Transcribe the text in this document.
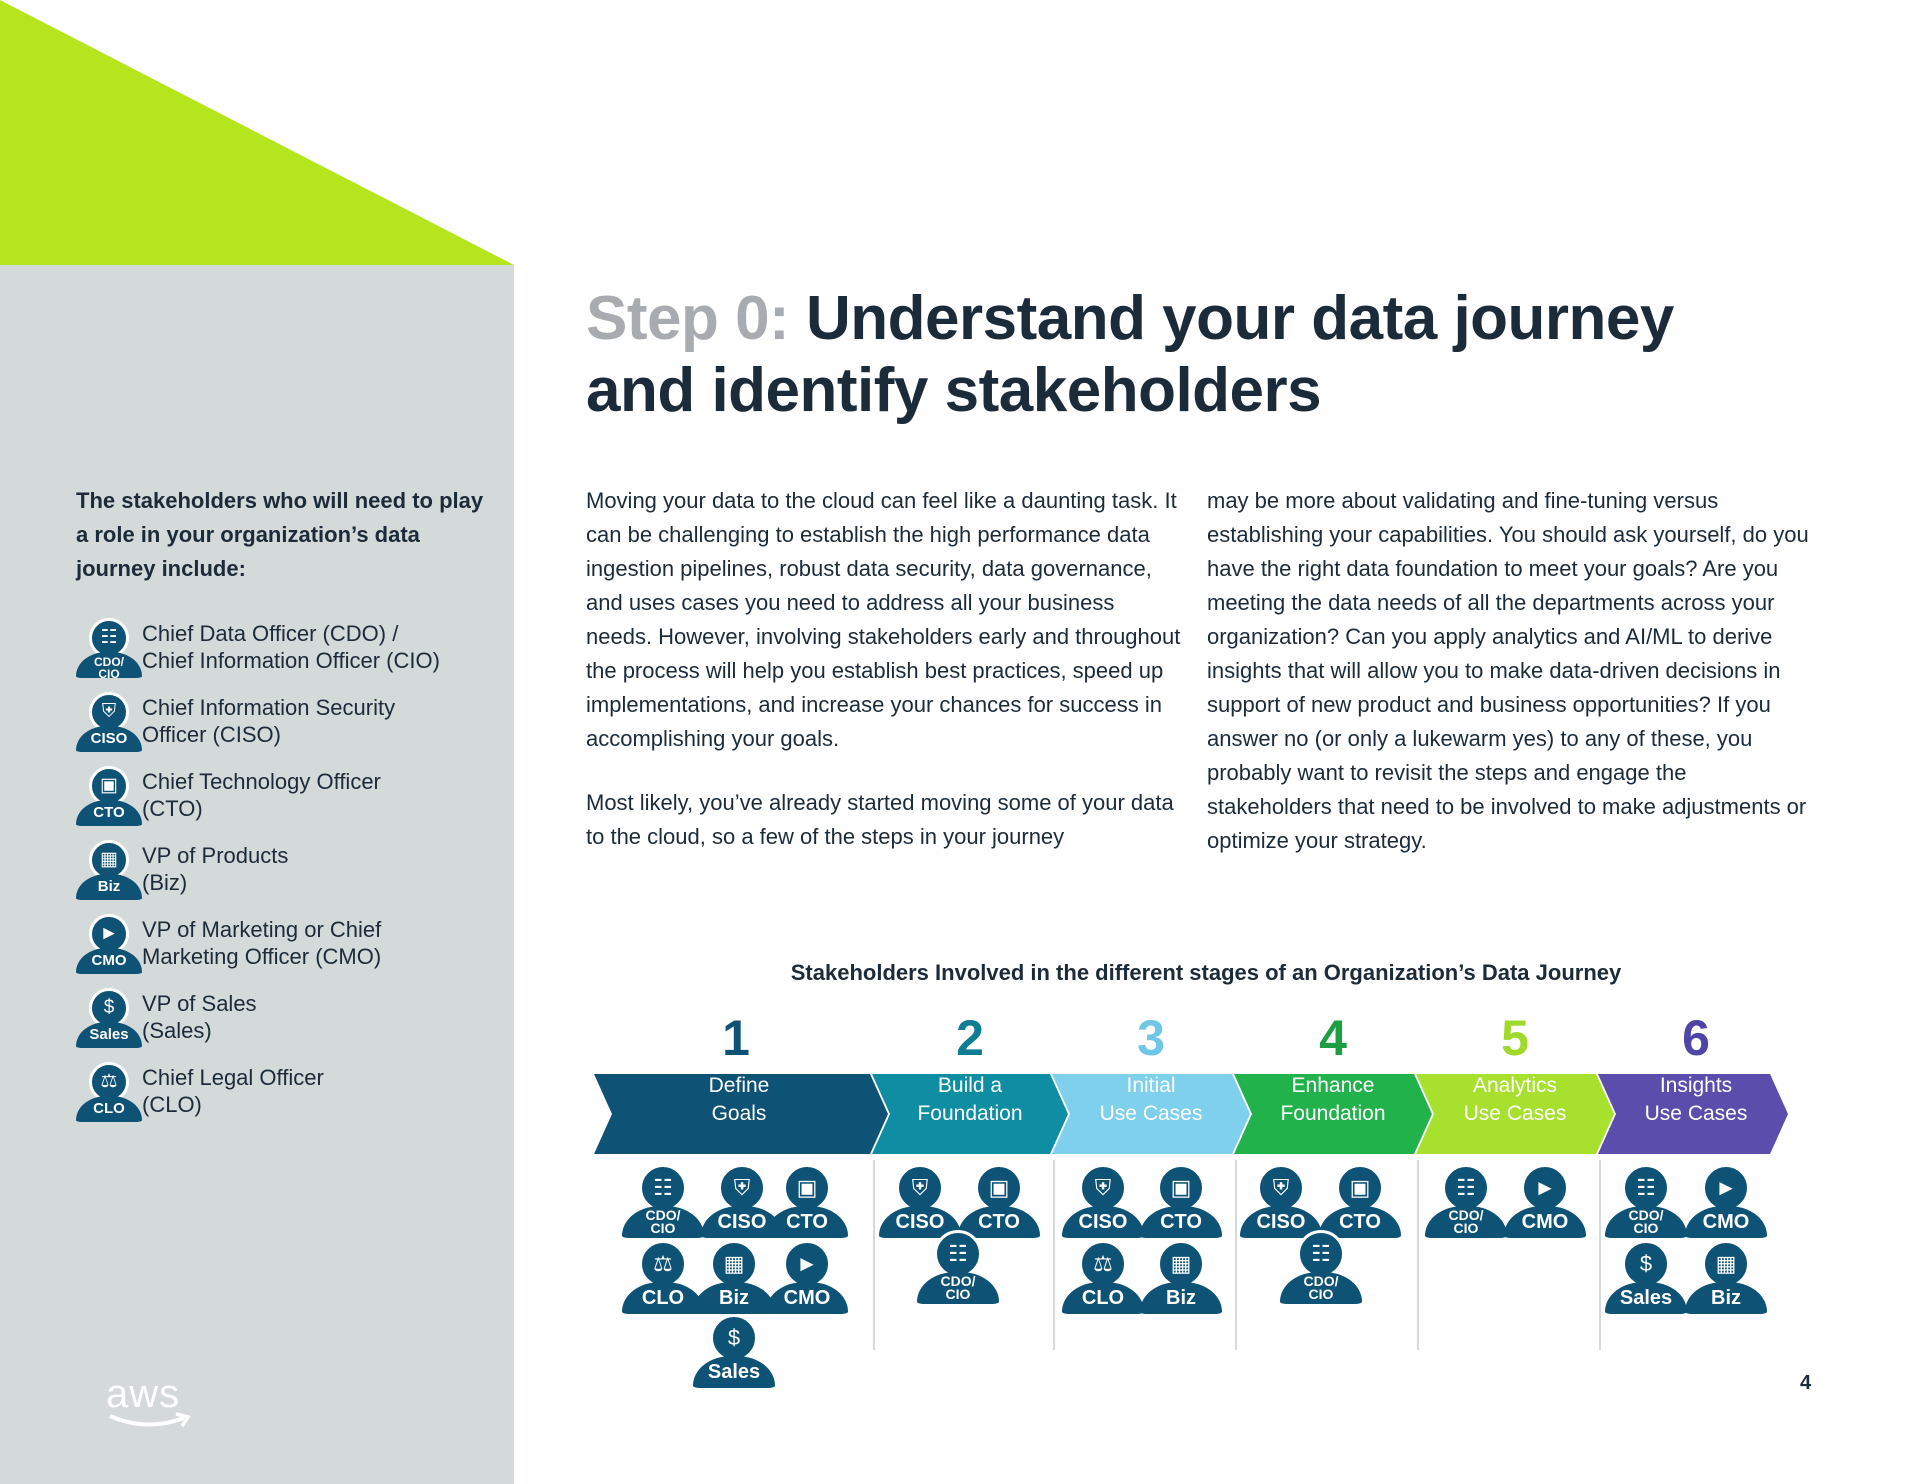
The stakeholders who will need to play a role in your organization’s data journey include:

☷
CDO/
CIO
Chief Data Officer (CDO) /
Chief Information Officer (CIO)
⛨
CISO
Chief Information Security
Officer (CISO)
▣
CTO
Chief Technology Officer
(CTO)
▦
Biz
VP of Products
(Biz)
►
CMO
VP of Marketing or Chief
Marketing Officer (CMO)
$
Sales
VP of Sales
(Sales)
⚖
CLO
Chief Legal Officer
(CLO)
aws
Step 0: Understand your data journey
and identify stakeholders

Moving your data to the cloud can feel like a daunting task. It can be challenging to establish the high performance data ingestion pipelines, robust data security, data governance, and uses cases you need to address all your business needs. However, involving stakeholders early and throughout the process will help you establish best practices, speed up implementations, and increase your chances for success in accomplishing your goals.

Most likely, you’ve already started moving some of your data to the cloud, so a few of the steps in your journey

may be more about validating and fine-tuning versus establishing your capabilities. You should ask yourself, do you have the right data foundation to meet your goals? Are you meeting the data needs of all the departments across your organization? Can you apply analytics and AI/ML to derive insights that will allow you to make data-driven decisions in support of new product and business opportunities? If you answer no (or only a lukewarm yes) to any of these, you probably want to revisit the steps and engage the stakeholders that need to be involved to make adjustments or optimize your strategy.

Stakeholders Involved in the different stages of an Organization’s Data Journey
1	2	3	4	5	6
Define
Goals
Build a
Foundation
Initial
Use Cases
Enhance
Foundation
Analytics
Use Cases
Insights
Use Cases
☷
CDO/
CIO
⛨
CISO
▣
CTO
⚖
CLO
▦
Biz
►
CMO
$
Sales
⛨
CISO
▣
CTO
☷
CDO/
CIO
⛨
CISO
▣
CTO
⚖
CLO
▦
Biz
⛨
CISO
▣
CTO
☷
CDO/
CIO
☷
CDO/
CIO
►
CMO
☷
CDO/
CIO
►
CMO
$
Sales
▦
Biz
4
